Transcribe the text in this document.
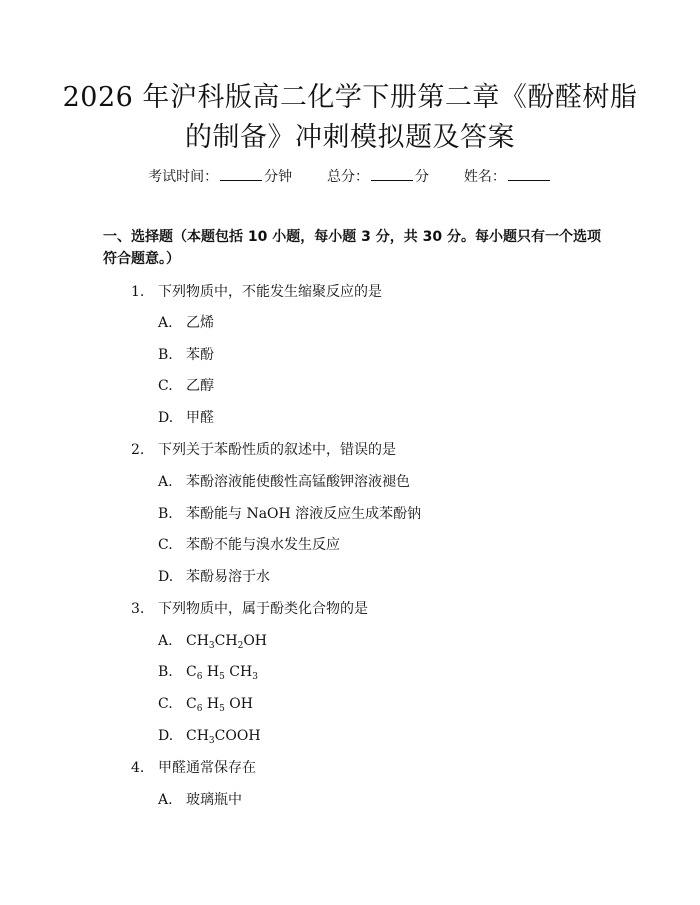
2026 年沪科版高二化学下册第二章《酚醛树脂的制备》冲刺模拟题及答案
考试时间：	分钟 总分：	分 姓名：
一、选择题（本题包括 10 小题，每小题 3 分，共 30 分。每小题只有一个选项符合题意。）
1. 下列物质中，不能发生缩聚反应的是
A. 乙烯
B. 苯酚
C. 乙醇
D. 甲醛
2. 下列关于苯酚性质的叙述中，错误的是
A. 苯酚溶液能使酸性高锰酸钾溶液褪色
B. 苯酚能与 NaOH 溶液反应生成苯酚钠
C. 苯酚不能与溴水发生反应
D. 苯酚易溶于水
3. 下列物质中，属于酚类化合物的是
A. $CH_3CH_2OH$
B. $C_6$ $H_5$ $CH_3$
C. $C_6$ $H_5$ OH
D. $CH_3COOH$
4. 甲醛通常保存在
A. 玻璃瓶中
